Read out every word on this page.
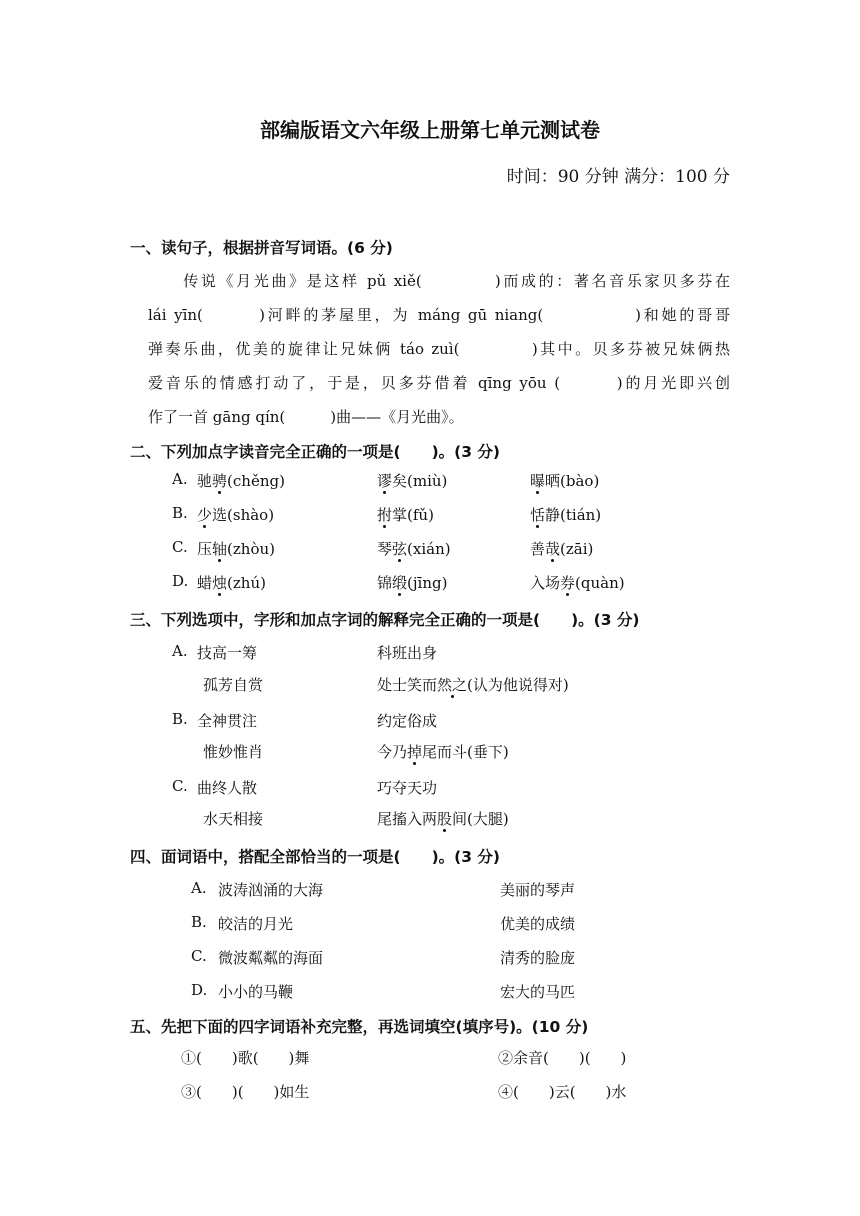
部编版语文六年级上册第七单元测试卷
时间：90 分钟 满分：100 分
一、读句子，根据拼音写词语。(6 分)
　　传说《月光曲》是这样 pǔ xiě(　　　　)而成的：著名音乐家贝多芬在
lái yīn(　　　)河畔的茅屋里，为 máng gū niang(　　　　　)和她的哥哥
弹奏乐曲，优美的旋律让兄妹俩 táo zuì(　　　　)其中。贝多芬被兄妹俩热
爱音乐的情感打动了，于是，贝多芬借着 qīng yōu (　　　)的月光即兴创
作了一首 gāng qín(　　　)曲——《月光曲》。
二、下列加点字读音完全正确的一项是(　　)。(3 分)
A. 驰骋(chěng)	谬矣(miù)	曝晒(bào)
B. 少选(shào)	拊掌(fǔ)	恬静(tián)
C. 压轴(zhòu)	琴弦(xián)	善哉(zāi)
D. 蜡烛(zhú)	锦缎(jīng)	入场券(quàn)
三、下列选项中，字形和加点字词的解释完全正确的一项是(　　)。(3 分)
A. 技高一筹	科班出身
孤芳自赏	处士笑而然之(认为他说得对)
B. 全神贯注	约定俗成
惟妙惟肖	今乃掉尾而斗(垂下)
C. 曲终人散	巧夺天功
水天相接	尾搐入两股间(大腿)
四、面词语中，搭配全部恰当的一项是(　　)。(3 分)
A. 波涛汹涌的大海	美丽的琴声
B. 皎洁的月光	优美的成绩
C. 微波粼粼的海面	清秀的脸庞
D. 小小的马鞭	宏大的马匹
五、先把下面的四字词语补充完整，再选词填空(填序号)。(10 分)
①(　　)歌(　　)舞	②余音(　　)(　　)
③(　　)(　　)如生	④(　　)云(　　)水
